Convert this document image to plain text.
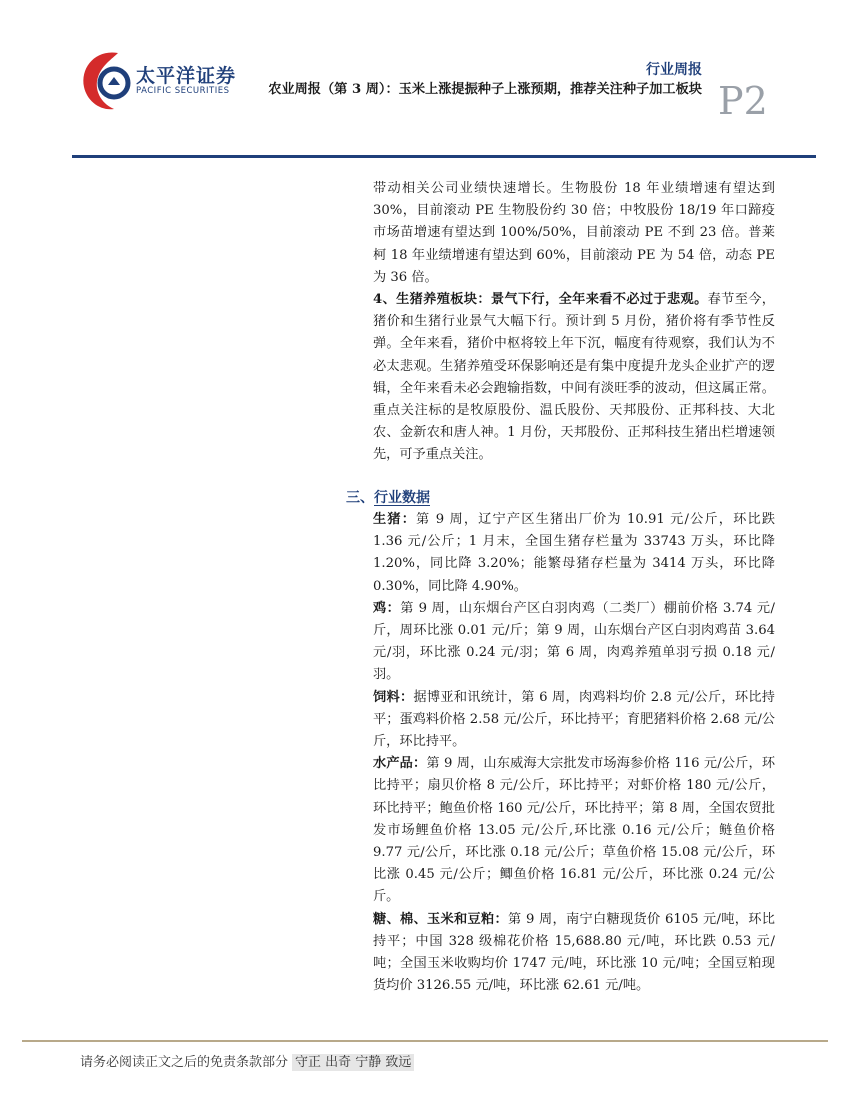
太平洋证券
PACIFIC SECURITIES
行业周报
农业周报（第 3 周）：玉米上涨提振种子上涨预期，推荐关注种子加工板块 P2

带动相关公司业绩快速增长。生物股份 18 年业绩增速有望达到 30%，目前滚动 PE 生物股份约 30 倍；中牧股份 18/19 年口蹄疫市场苗增速有望达到 100%/50%，目前滚动 PE 不到 23 倍。普莱柯 18 年业绩增速有望达到 60%，目前滚动 PE 为 54 倍，动态 PE 为 36 倍。

4、生猪养殖板块：景气下行，全年来看不必过于悲观。春节至今，猪价和生猪行业景气大幅下行。预计到 5 月份，猪价将有季节性反弹。全年来看，猪价中枢将较上年下沉，幅度有待观察，我们认为不必太悲观。生猪养殖受环保影响还是有集中度提升龙头企业扩产的逻辑，全年来看未必会跑输指数，中间有淡旺季的波动，但这属正常。重点关注标的是牧原股份、温氏股份、天邦股份、正邦科技、大北农、金新农和唐人神。1 月份，天邦股份、正邦科技生猪出栏增速领先，可予重点关注。

三、行业数据

生猪：第 9 周，辽宁产区生猪出厂价为 10.91 元/公斤，环比跌 1.36 元/公斤；1 月末，全国生猪存栏量为 33743 万头，环比降 1.20%，同比降 3.20%；能繁母猪存栏量为 3414 万头，环比降 0.30%，同比降 4.90%。

鸡：第 9 周，山东烟台产区白羽肉鸡（二类厂）棚前价格 3.74 元/斤，周环比涨 0.01 元/斤；第 9 周，山东烟台产区白羽肉鸡苗 3.64 元/羽，环比涨 0.24 元/羽；第 6 周，肉鸡养殖单羽亏损 0.18 元/羽。

饲料：据博亚和讯统计，第 6 周，肉鸡料均价 2.8 元/公斤，环比持平；蛋鸡料价格 2.58 元/公斤，环比持平；育肥猪料价格 2.68 元/公斤，环比持平。

水产品：第 9 周，山东威海大宗批发市场海参价格 116 元/公斤，环比持平；扇贝价格 8 元/公斤，环比持平；对虾价格 180 元/公斤，环比持平；鲍鱼价格 160 元/公斤，环比持平；第 8 周，全国农贸批发市场鲤鱼价格 13.05 元/公斤,环比涨 0.16 元/公斤；鲢鱼价格 9.77 元/公斤，环比涨 0.18 元/公斤；草鱼价格 15.08 元/公斤，环比涨 0.45 元/公斤；鲫鱼价格 16.81 元/公斤，环比涨 0.24 元/公斤。

糖、棉、玉米和豆粕：第 9 周，南宁白糖现货价 6105 元/吨，环比持平；中国 328 级棉花价格 15,688.80 元/吨，环比跌 0.53 元/吨；全国玉米收购均价 1747 元/吨，环比涨 10 元/吨；全国豆粕现货均价 3126.55 元/吨，环比涨 62.61 元/吨。

请务必阅读正文之后的免责条款部分 守正 出奇 宁静 致远
